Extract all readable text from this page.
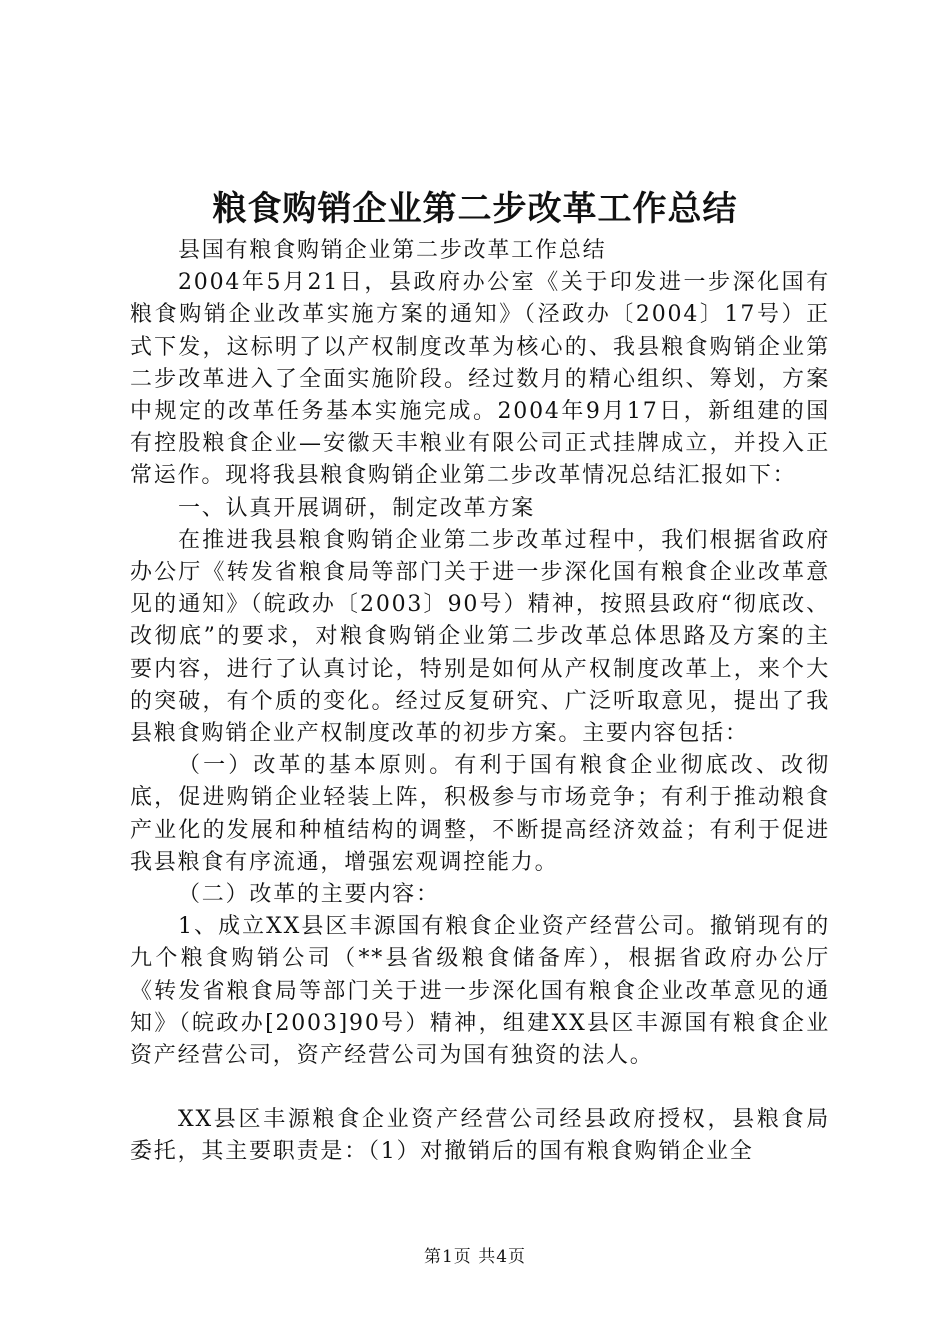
粮食购销企业第二步改革工作总结

县国有粮食购销企业第二步改革工作总结

2004年5月21日，县政府办公室《关于印发进一步深化国有粮食购销企业改革实施方案的通知》（泾政办〔2004〕17号）正式下发，这标明了以产权制度改革为核心的、我县粮食购销企业第二步改革进入了全面实施阶段。经过数月的精心组织、筹划，方案中规定的改革任务基本实施完成。2004年9月17日，新组建的国有控股粮食企业—安徽天丰粮业有限公司正式挂牌成立，并投入正常运作。现将我县粮食购销企业第二步改革情况总结汇报如下：

一、认真开展调研，制定改革方案

在推进我县粮食购销企业第二步改革过程中，我们根据省政府办公厅《转发省粮食局等部门关于进一步深化国有粮食企业改革意见的通知》（皖政办〔2003〕90号）精神，按照县政府“彻底改、改彻底”的要求，对粮食购销企业第二步改革总体思路及方案的主要内容，进行了认真讨论，特别是如何从产权制度改革上，来个大的突破，有个质的变化。经过反复研究、广泛听取意见，提出了我县粮食购销企业产权制度改革的初步方案。主要内容包括：

（一）改革的基本原则。有利于国有粮食企业彻底改、改彻底，促进购销企业轻装上阵，积极参与市场竞争；有利于推动粮食产业化的发展和种植结构的调整，不断提高经济效益；有利于促进我县粮食有序流通，增强宏观调控能力。

（二）改革的主要内容：

1、成立XX县区丰源国有粮食企业资产经营公司。撤销现有的九个粮食购销公司（**县省级粮食储备库），根据省政府办公厅《转发省粮食局等部门关于进一步深化国有粮食企业改革意见的通知》（皖政办[2003]90号）精神，组建XX县区丰源国有粮食企业资产经营公司，资产经营公司为国有独资的法人。

XX县区丰源粮食企业资产经营公司经县政府授权，县粮食局委托，其主要职责是：（1）对撤销后的国有粮食购销企业全

第1页 共4页
